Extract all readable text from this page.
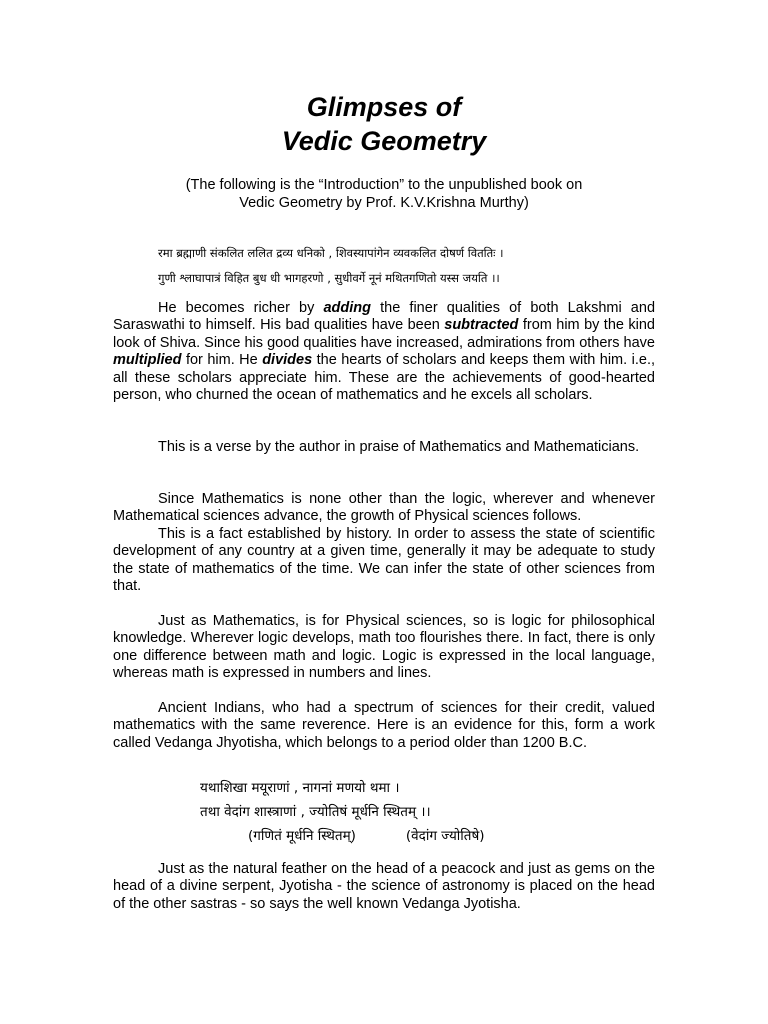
Glimpses of
Vedic Geometry
(The following is the “Introduction” to the unpublished book on
Vedic Geometry by Prof. K.V.Krishna Murthy)
रमा ब्रह्माणी संकलित ललित द्रव्य धनिको , शिवस्यापांगेन व्यवकलित दोषर्ण विततिः ।
गुणी श्लाघापात्रं विहित बुध धी भागहरणो , सुधीवर्गे नूनं मथितगणितो यस्स जयति ।।

He becomes richer by adding the finer qualities of both Lakshmi and Saraswathi to himself. His bad qualities have been subtracted from him by the kind look of Shiva. Since his good qualities have increased, admirations from others have multiplied for him. He divides the hearts of scholars and keeps them with him. i.e., all these scholars appreciate him. These are the achievements of good-hearted person, who churned the ocean of mathematics and he excels all scholars.

This is a verse by the author in praise of Mathematics and Mathematicians.

Since Mathematics is none other than the logic, wherever and whenever Mathematical sciences advance, the growth of Physical sciences follows.

This is a fact established by history. In order to assess the state of scientific development of any country at a given time, generally it may be adequate to study the state of mathematics of the time. We can infer the state of other sciences from that.

Just as Mathematics, is for Physical sciences, so is logic for philosophical knowledge. Wherever logic develops, math too flourishes there. In fact, there is only one difference between math and logic. Logic is expressed in the local language, whereas math is expressed in numbers and lines.

Ancient Indians, who had a spectrum of sciences for their credit, valued mathematics with the same reverence. Here is an evidence for this, form a work called Vedanga Jhyotisha, which belongs to a period older than 1200 B.C.

यथाशिखा मयूराणां , नागनां मणयो थमा ।
तथा वेदांग शास्त्राणां , ज्योतिषं मूर्धनि स्थितम् ।।
(गणितं मूर्धनि स्थितम्)	(वेदांग ज्योतिषे)

Just as the natural feather on the head of a peacock and just as gems on the head of a divine serpent, Jyotisha - the science of astronomy is placed on the head of the other sastras - so says the well known Vedanga Jyotisha.
